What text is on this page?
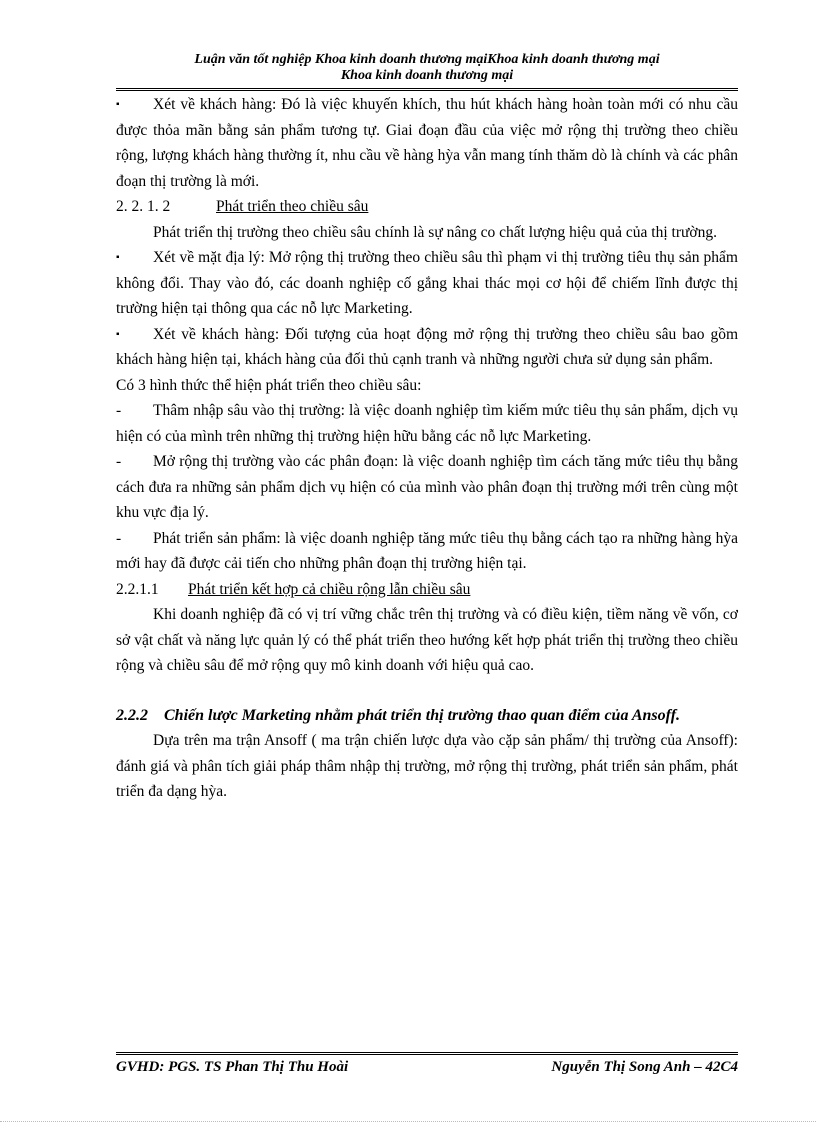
Luận văn tốt nghiệp Khoa kinh doanh thương mạiKhoa kinh doanh thương mại
Khoa kinh doanh thương mại

▪ Xét về khách hàng: Đó là việc khuyến khích, thu hút khách hàng hoàn toàn mới có nhu cầu được thỏa mãn bằng sản phẩm tương tự. Giai đoạn đầu của việc mở rộng thị trường theo chiều rộng, lượng khách hàng thường ít, nhu cầu về hàng hỳa vẫn mang tính thăm dò là chính và các phân đoạn thị trường là mới.

2. 2. 1. 2	Phát triển theo chiều sâu

Phát triển thị trường theo chiều sâu chính là sự nâng co chất lượng hiệu quả của thị trường.

▪ Xét về mặt địa lý: Mở rộng thị trường theo chiều sâu thì phạm vi thị trường tiêu thụ sản phẩm không đổi. Thay vào đó, các doanh nghiệp cố gắng khai thác mọi cơ hội để chiếm lĩnh được thị trường hiện tại thông qua các nỗ lực Marketing.

▪ Xét về khách hàng: Đối tượng của hoạt động mở rộng thị trường theo chiều sâu bao gồm khách hàng hiện tại, khách hàng của đối thủ cạnh tranh và những người chưa sử dụng sản phẩm.

Có 3 hình thức thể hiện phát triển theo chiều sâu:

- Thâm nhập sâu vào thị trường: là việc doanh nghiệp tìm kiếm mức tiêu thụ sản phẩm, dịch vụ hiện có của mình trên những thị trường hiện hữu bằng các nỗ lực Marketing.

- Mở rộng thị trường vào các phân đoạn: là việc doanh nghiệp tìm cách tăng mức tiêu thụ bằng cách đưa ra những sản phẩm dịch vụ hiện có của mình vào phân đoạn thị trường mới trên cùng một khu vực địa lý.

- Phát triển sản phẩm: là việc doanh nghiệp tăng mức tiêu thụ bằng cách tạo ra những hàng hỳa mới hay đã được cải tiến cho những phân đoạn thị trường hiện tại.

2.2.1.1 Phát triển kết hợp cả chiều rộng lẫn chiều sâu

Khi doanh nghiệp đã có vị trí vững chắc trên thị trường và có điều kiện, tiềm năng về vốn, cơ sở vật chất và năng lực quản lý có thể phát triển theo hướng kết hợp phát triển thị trường theo chiều rộng và chiều sâu để mở rộng quy mô kinh doanh với hiệu quả cao.

2.2.2	Chiến lược Marketing nhằm phát triển thị trường thao quan điểm của Ansoff.

Dựa trên ma trận Ansoff ( ma trận chiến lược dựa vào cặp sản phẩm/ thị trường của Ansoff): đánh giá và phân tích giải pháp thâm nhập thị trường, mở rộng thị trường, phát triển sản phẩm, phát triển đa dạng hỳa.

GVHD: PGS. TS Phan Thị Thu Hoài	Nguyễn Thị Song Anh – 42C4
